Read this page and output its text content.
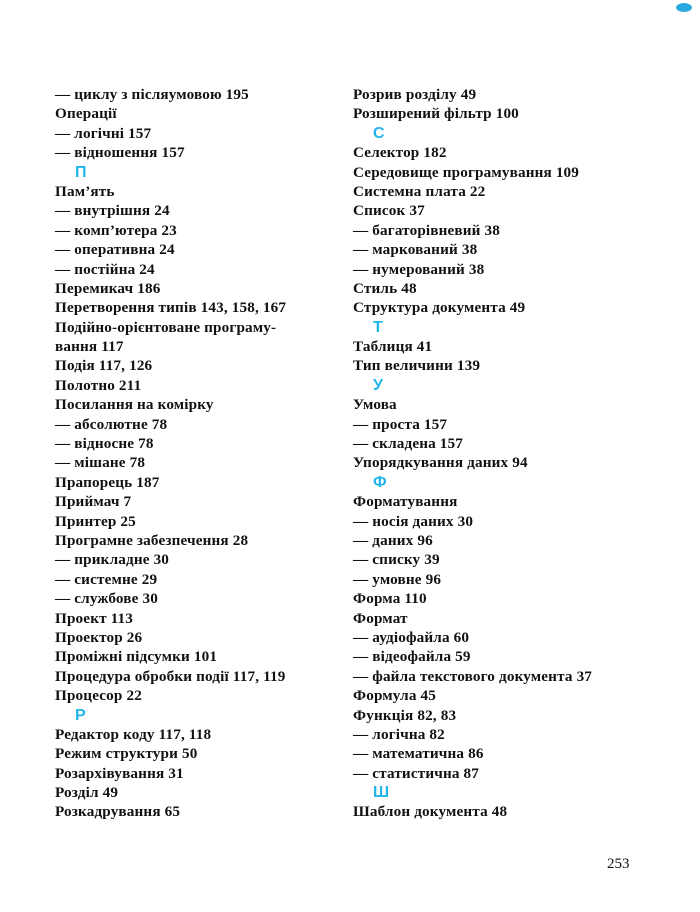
— циклу з післяумовою 195
Операції
— логічні 157
— відношення 157
П
Пам’ять
— внутрішня 24
— комп’ютера 23
— оперативна 24
— постійна 24
Перемикач 186
Перетворення типів 143, 158, 167
Подійно-орієнтоване програму-
вання 117
Подія 117, 126
Полотно 211
Посилання на комірку
— абсолютне 78
— відносне 78
— мішане 78
Прапорець 187
Приймач 7
Принтер 25
Програмне забезпечення 28
— прикладне 30
— системне 29
— службове 30
Проект 113
Проектор 26
Проміжні підсумки 101
Процедура обробки події 117, 119
Процесор 22
Р
Редактор коду 117, 118
Режим структури 50
Розархівування 31
Розділ 49
Розкадрування 65
Розрив розділу 49
Розширений фільтр 100
С
Селектор 182
Середовище програмування 109
Системна плата 22
Список 37
— багаторівневий 38
— маркований 38
— нумерований 38
Стиль 48
Структура документа 49
Т
Таблиця 41
Тип величини 139
У
Умова
— проста 157
— складена 157
Упорядкування даних 94
Ф
Форматування
— носія даних 30
— даних 96
— списку 39
— умовне 96
Форма 110
Формат
— аудіофайла 60
— відеофайла 59
— файла текстового документа 37
Формула 45
Функція 82, 83
— логічна 82
— математична 86
— статистична 87
Ш
Шаблон документа 48
253
